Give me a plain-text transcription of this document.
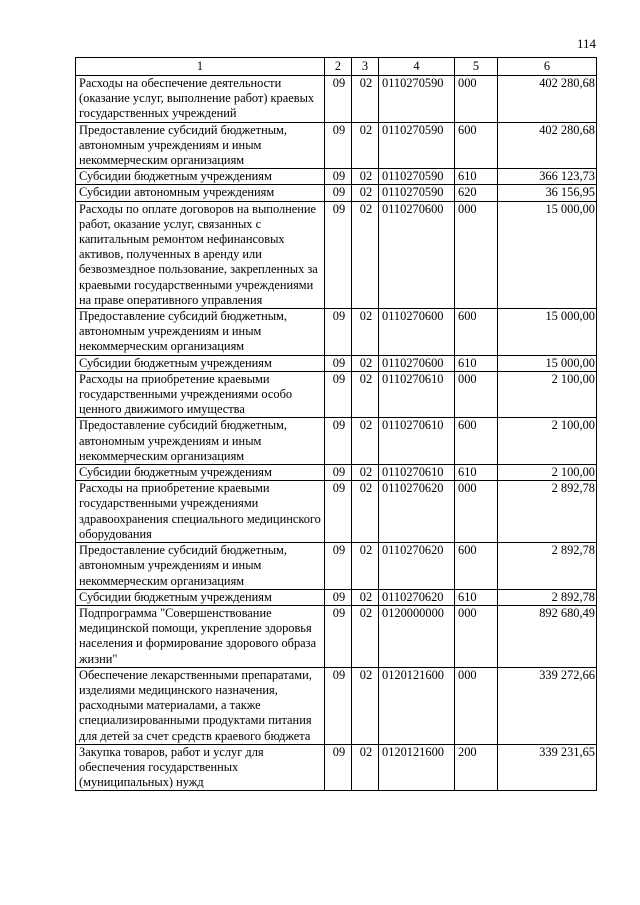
114
1	2	3	4	5	6
Расходы на обеспечение деятельности (оказание услуг, выполнение работ) краевых государственных учреждений	09	02	0110270590	000	402 280,68
Предоставление субсидий бюджетным, автономным учреждениям и иным некоммерческим организациям	09	02	0110270590	600	402 280,68
Субсидии бюджетным учреждениям	09	02	0110270590	610	366 123,73
Субсидии автономным учреждениям	09	02	0110270590	620	36 156,95
Расходы по оплате договоров на выполнение работ, оказание услуг, связанных с капитальным ремонтом нефинансовых активов, полученных в аренду или безвозмездное пользование, закрепленных за краевыми государственными учреждениями на праве оперативного управления	09	02	0110270600	000	15 000,00
Предоставление субсидий бюджетным, автономным учреждениям и иным некоммерческим организациям	09	02	0110270600	600	15 000,00
Субсидии бюджетным учреждениям	09	02	0110270600	610	15 000,00
Расходы на приобретение краевыми государственными учреждениями особо ценного движимого имущества	09	02	0110270610	000	2 100,00
Предоставление субсидий бюджетным, автономным учреждениям и иным некоммерческим организациям	09	02	0110270610	600	2 100,00
Субсидии бюджетным учреждениям	09	02	0110270610	610	2 100,00
Расходы на приобретение краевыми государственными учреждениями здравоохранения специального медицинского оборудования	09	02	0110270620	000	2 892,78
Предоставление субсидий бюджетным, автономным учреждениям и иным некоммерческим организациям	09	02	0110270620	600	2 892,78
Субсидии бюджетным учреждениям	09	02	0110270620	610	2 892,78
Подпрограмма "Совершенствование медицинской помощи, укрепление здоровья населения и формирование здорового образа жизни"	09	02	0120000000	000	892 680,49
Обеспечение лекарственными препаратами, изделиями медицинского назначения, расходными материалами, а также специализированными продуктами питания для детей за счет средств краевого бюджета	09	02	0120121600	000	339 272,66
Закупка товаров, работ и услуг для обеспечения государственных (муниципальных) нужд	09	02	0120121600	200	339 231,65
